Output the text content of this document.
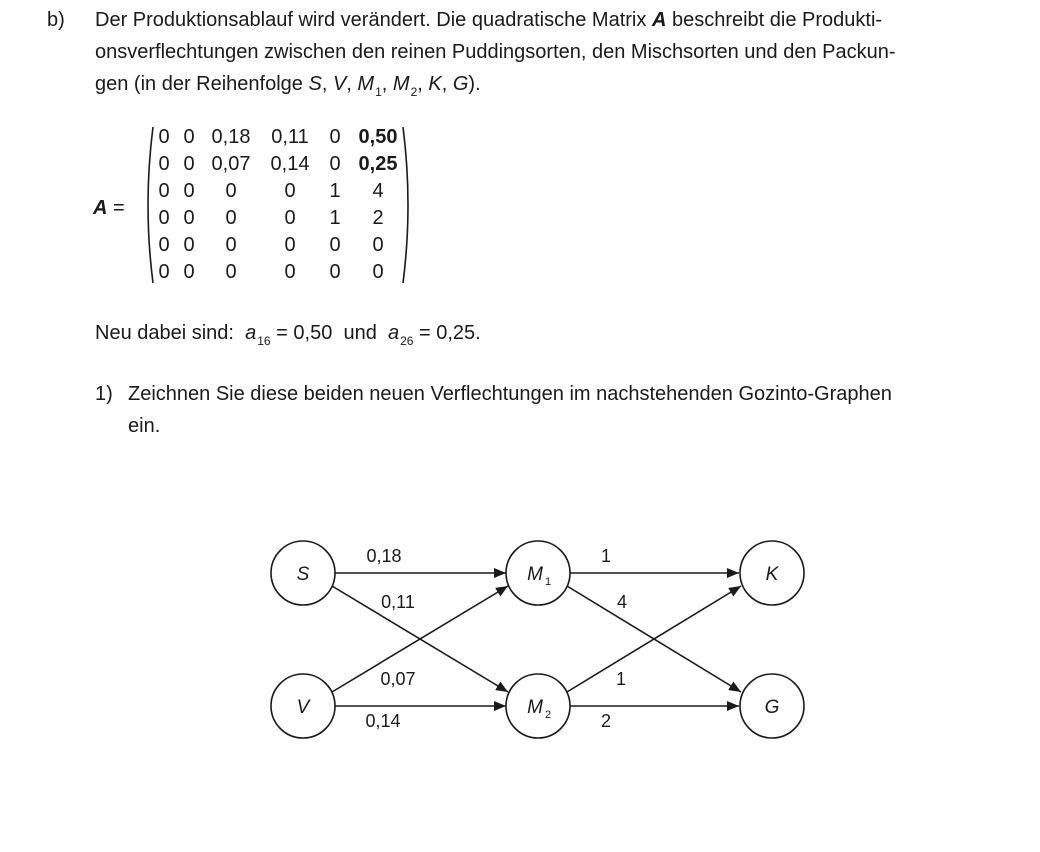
b) Der Produktionsablauf wird verändert. Die quadratische Matrix A beschreibt die Produkti-
onsverflechtungen zwischen den reinen Puddingsorten, den Mischsorten und den Packun-
gen (in der Reihenfolge S, V, $M_1$, $M_2$, K, G).
A =
0 0 0,18	0,11	0 0,50
0 0 0,07	0,14 0 0,25
0 0	0	0	1	4
0 0	0	0	1	2
0 0	0	0	0	0
0 0	0	0	0	0
Neu dabei sind: $a_{16} = 0,50$ und $a_{26} = 0,25$.
1) Zeichnen Sie diese beiden neuen Verflechtungen im nachstehenden Gozinto-Graphen
ein.
S
V
M 1
M 2
K
G
0,18
0,11
0,07
0,14
1
4
1
2
